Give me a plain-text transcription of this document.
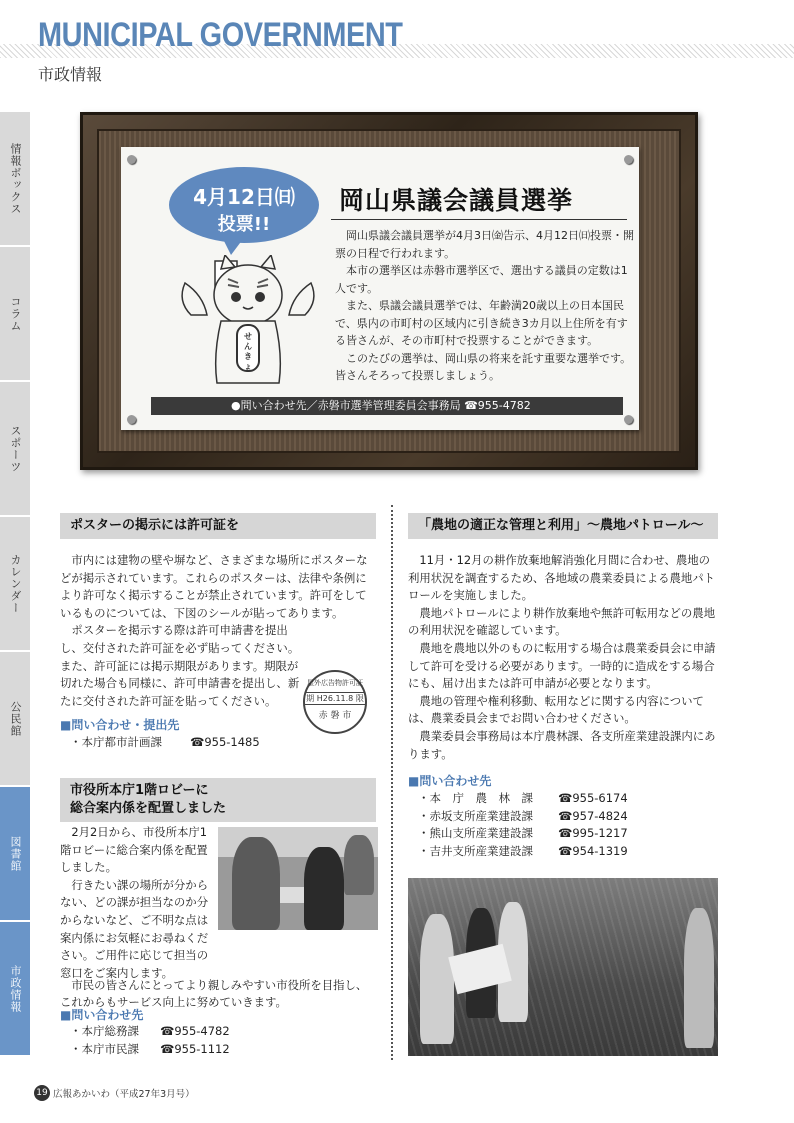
MUNICIPAL GOVERNMENT
市政情報
情報ボックス
コラム
スポーツ
カレンダー
公民館
図書館
市政情報
4月12日㈰
投票!!
せ
ん
き
ょ
岡山県議会議員選挙

岡山県議会議員選挙が4月3日㈮告示、4月12日㈰投票・開票の日程で行われます。

本市の選挙区は赤磐市選挙区で、選出する議員の定数は1人です。

また、県議会議員選挙では、年齢満20歳以上の日本国民で、県内の市町村の区域内に引き続き3カ月以上住所を有する皆さんが、その市町村で投票することができます。

このたびの選挙は、岡山県の将来を託す重要な選挙です。皆さんそろって投票しましょう。

●問い合わせ先／赤磐市選挙管理委員会事務局 ☎955-4782
ポスターの掲示には許可証を

市内には建物の壁や塀など、さまざまな場所にポスターなどが掲示されています。これらのポスターは、法律や条例により許可なく掲示することが禁止されています。許可をしているものについては、下図のシールが貼ってあります。

ポスターを掲示する際は許可申請書を提出し、交付された許可証を必ず貼ってください。また、許可証には掲示期限があります。期限が切れた場合も同様に、許可申請書を提出し、新たに交付された許可証を貼ってください。

屋外広告物許可証
期 H26.11.8 限
赤 磐 市
■問い合わせ・提出先
・本庁都市計画課	☎955-1485
市役所本庁1階ロビーに
総合案内係を配置しました

2月2日から、市役所本庁1階ロビーに総合案内係を配置しました。

行きたい課の場所が分からない、どの課が担当なのか分からないなど、ご不明な点は案内係にお気軽にお尋ねください。ご用件に応じて担当の窓口をご案内します。

市民の皆さんにとってより親しみやすい市役所を目指し、これからもサービス向上に努めていきます。

■問い合わせ先
・本庁総務課	☎955-4782
・本庁市民課	☎955-1112
「農地の適正な管理と利用」〜農地パトロール〜

11月・12月の耕作放棄地解消強化月間に合わせ、農地の利用状況を調査するため、各地域の農業委員による農地パトロールを実施しました。

農地パトロールにより耕作放棄地や無許可転用などの農地の利用状況を確認しています。

農地を農地以外のものに転用する場合は農業委員会に申請して許可を受ける必要があります。一時的に造成をする場合にも、届け出または許可申請が必要となります。

農地の管理や権利移動、転用などに関する内容については、農業委員会までお問い合わせください。

農業委員会事務局は本庁農林課、各支所産業建設課内にあります。

■問い合わせ先
・本　庁　農　林　課	☎955-6174
・赤坂支所産業建設課	☎957-4824
・熊山支所産業建設課	☎995-1217
・吉井支所産業建設課	☎954-1319
19 広報あかいわ（平成27年3月号）
